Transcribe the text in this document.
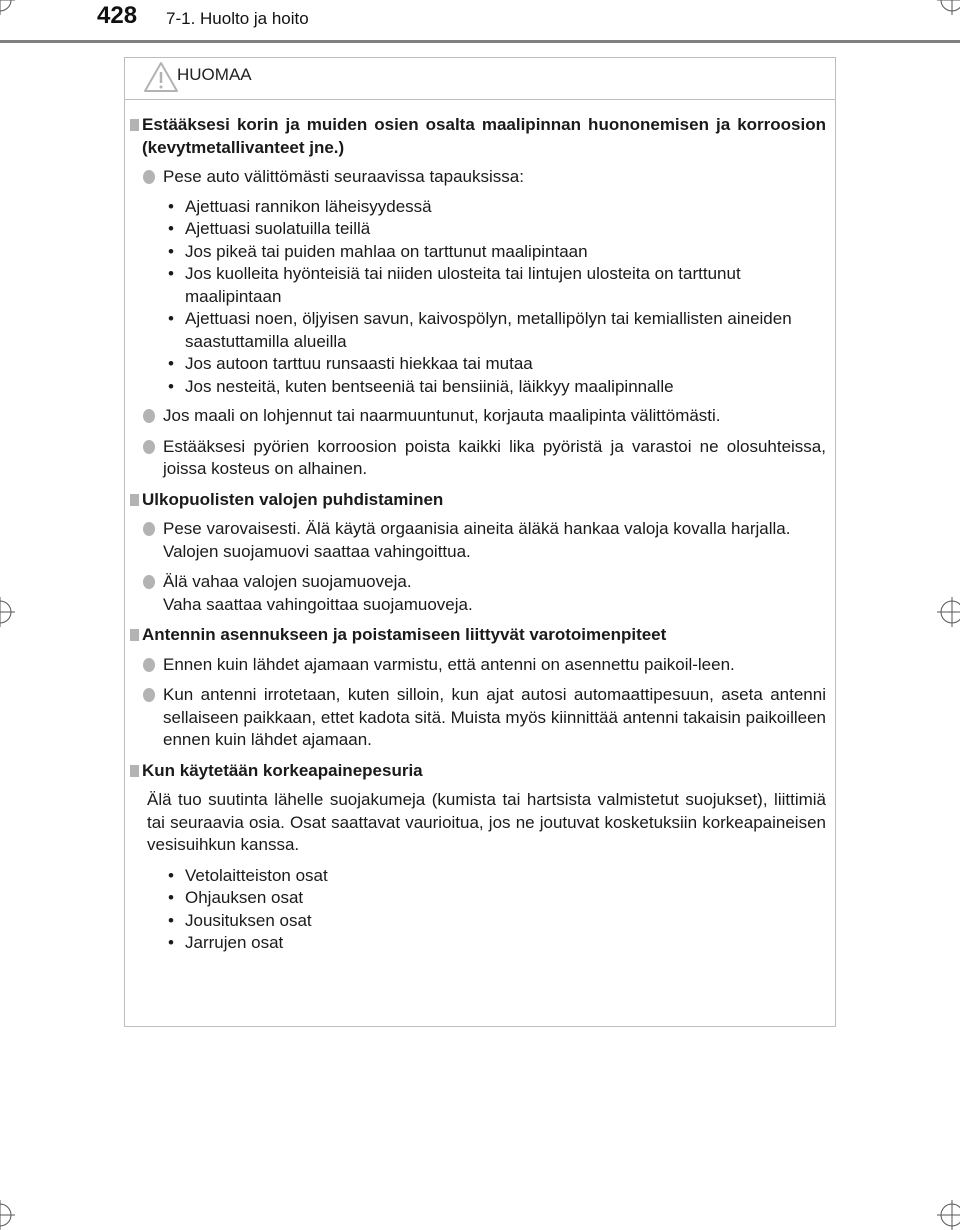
428 7-1. Huolto ja hoito
HUOMAA
Estääksesi korin ja muiden osien osalta maalipinnan huononemisen ja korroosion (kevytmetallivanteet jne.)
Pese auto välittömästi seuraavissa tapauksissa:
• Ajettuasi rannikon läheisyydessä
• Ajettuasi suolatuilla teillä
• Jos pikeä tai puiden mahlaa on tarttunut maalipintaan
• Jos kuolleita hyönteisiä tai niiden ulosteita tai lintujen ulosteita on tarttunut maalipintaan
• Ajettuasi noen, öljyisen savun, kaivospölyn, metallipölyn tai kemiallisten aineiden saastuttamilla alueilla
• Jos autoon tarttuu runsaasti hiekkaa tai mutaa
• Jos nesteitä, kuten bentseeniä tai bensiiniä, läikkyy maalipinnalle
Jos maali on lohjennut tai naarmuuntunut, korjauta maalipinta välittömästi.
Estääksesi pyörien korroosion poista kaikki lika pyöristä ja varastoi ne olosuhteissa, joissa kosteus on alhainen.
Ulkopuolisten valojen puhdistaminen
Pese varovaisesti. Älä käytä orgaanisia aineita äläkä hankaa valoja kovalla harjalla.
Valojen suojamuovi saattaa vahingoittua.
Älä vahaa valojen suojamuoveja.
Vaha saattaa vahingoittaa suojamuoveja.
Antennin asennukseen ja poistamiseen liittyvät varotoimenpiteet
Ennen kuin lähdet ajamaan varmistu, että antenni on asennettu paikoil-leen.
Kun antenni irrotetaan, kuten silloin, kun ajat autosi automaattipesuun, aseta antenni sellaiseen paikkaan, ettet kadota sitä. Muista myös kiinnittää antenni takaisin paikoilleen ennen kuin lähdet ajamaan.
Kun käytetään korkeapainepesuria
Älä tuo suutinta lähelle suojakumeja (kumista tai hartsista valmistetut suojukset), liittimiä tai seuraavia osia. Osat saattavat vaurioitua, jos ne joutuvat kosketuksiin korkeapaineisen vesisuihkun kanssa.
• Vetolaitteiston osat
• Ohjauksen osat
• Jousituksen osat
• Jarrujen osat
